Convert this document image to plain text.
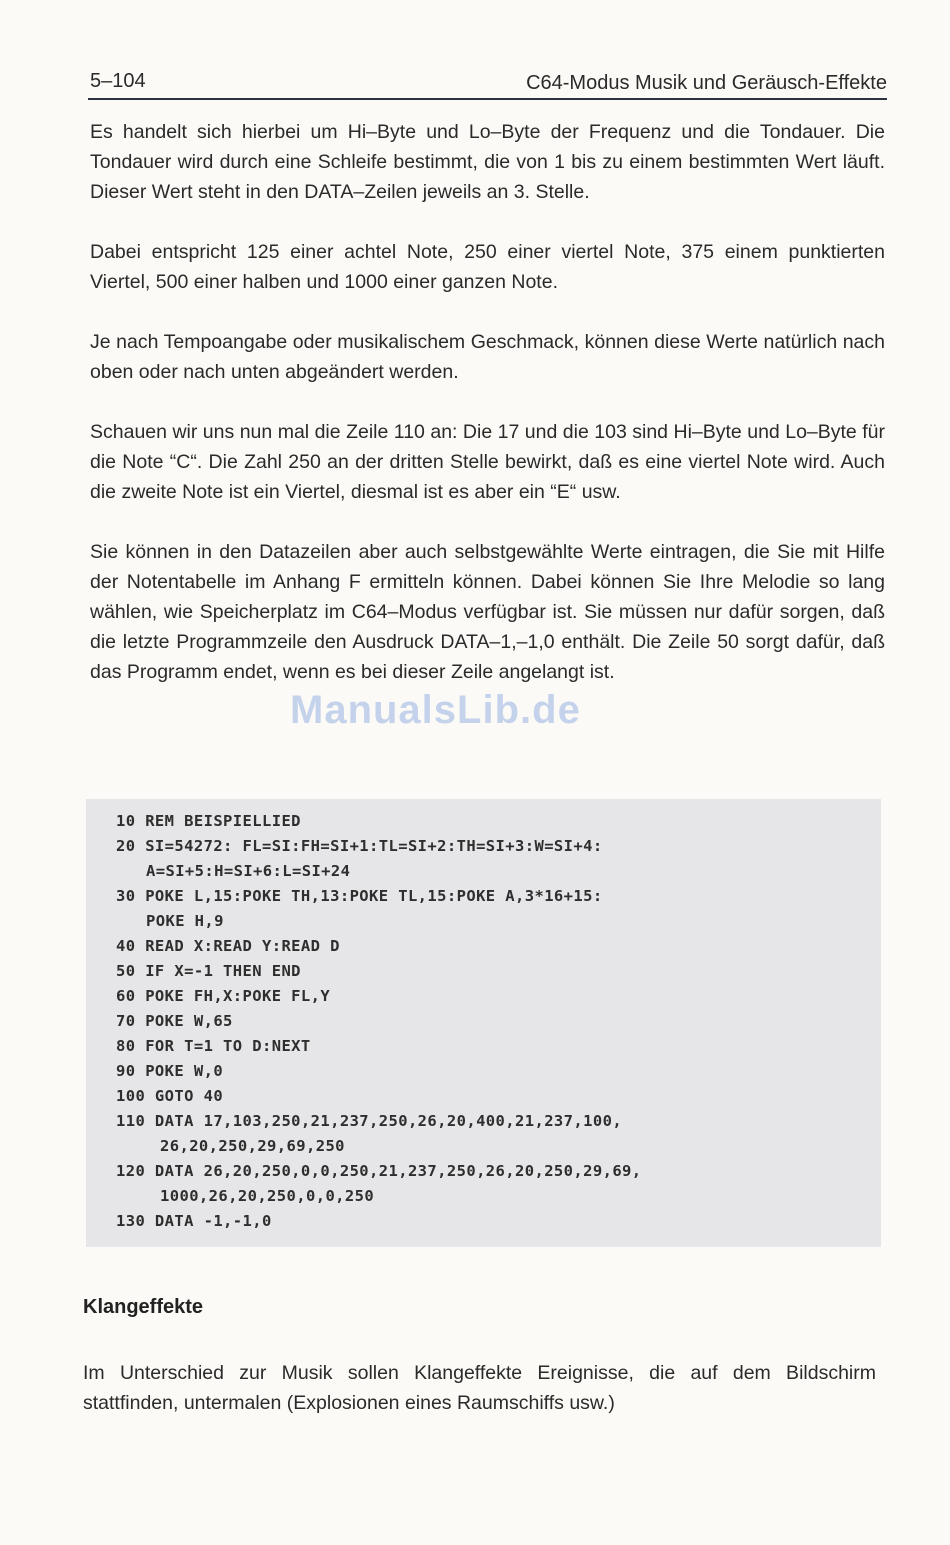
5–104	C64-Modus Musik und Geräusch-Effekte

Es handelt sich hierbei um Hi–Byte und Lo–Byte der Frequenz und die Tondauer. Die Tondauer wird durch eine Schleife bestimmt, die von 1 bis zu einem bestimmten Wert läuft. Dieser Wert steht in den DATA–Zeilen jeweils an 3. Stelle.

Dabei entspricht 125 einer achtel Note, 250 einer viertel Note, 375 einem punktierten Viertel, 500 einer halben und 1000 einer ganzen Note.

Je nach Tempoangabe oder musikalischem Geschmack, können diese Werte natürlich nach oben oder nach unten abgeändert werden.

Schauen wir uns nun mal die Zeile 110 an: Die 17 und die 103 sind Hi–Byte und Lo–Byte für die Note “C“. Die Zahl 250 an der dritten Stelle bewirkt, daß es eine viertel Note wird. Auch die zweite Note ist ein Viertel, diesmal ist es aber ein “E“ usw.

Sie können in den Datazeilen aber auch selbstgewählte Werte eintragen, die Sie mit Hilfe der Notentabelle im Anhang F ermitteln können. Dabei können Sie Ihre Melodie so lang wählen, wie Speicherplatz im C64–Modus verfügbar ist. Sie müssen nur dafür sorgen, daß die letzte Programmzeile den Ausdruck DATA–1,–1,0 enthält. Die Zeile 50 sorgt dafür, daß das Programm endet, wenn es bei dieser Zeile angelangt ist.

ManualsLib.de
10 REM BEISPIELLIED
20 SI=54272: FL=SI:FH=SI+1:TL=SI+2:TH=SI+3:W=SI+4:
A=SI+5:H=SI+6:L=SI+24
30 POKE L,15:POKE TH,13:POKE TL,15:POKE A,3*16+15:
POKE H,9
40 READ X:READ Y:READ D
50 IF X=-1 THEN END
60 POKE FH,X:POKE FL,Y
70 POKE W,65
80 FOR T=1 TO D:NEXT
90 POKE W,0
100 GOTO 40
110 DATA 17,103,250,21,237,250,26,20,400,21,237,100,
26,20,250,29,69,250
120 DATA 26,20,250,0,0,250,21,237,250,26,20,250,29,69,
1000,26,20,250,0,0,250
130 DATA -1,-1,0
Klangeffekte
Im Unterschied zur Musik sollen Klangeffekte Ereignisse, die auf dem Bildschirm stattfinden, untermalen (Explosionen eines Raumschiffs usw.)
